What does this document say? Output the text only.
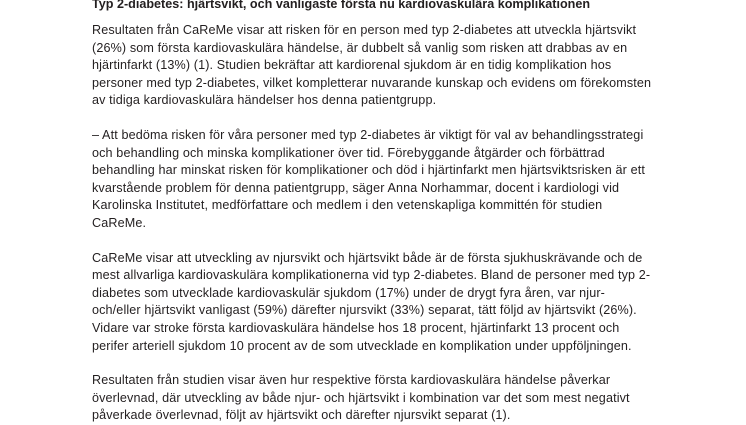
Typ 2-diabetes: hjärtsvikt, och vanligaste första nu kardiovaskulära komplikationen

Resultaten från CaReMe visar att risken för en person med typ 2-diabetes att utveckla hjärtsvikt (26%) som första kardiovaskulära händelse, är dubbelt så vanlig som risken att drabbas av en hjärtinfarkt (13%) (1). Studien bekräftar att kardiorenal sjukdom är en tidig komplikation hos personer med typ 2-diabetes, vilket kompletterar nuvarande kunskap och evidens om förekomsten av tidiga kardiovaskulära händelser hos denna patientgrupp.

– Att bedöma risken för våra personer med typ 2-diabetes är viktigt för val av behandlingsstrategi och behandling och minska komplikationer över tid. Förebyggande åtgärder och förbättrad behandling har minskat risken för komplikationer och död i hjärtinfarkt men hjärtsviktsrisken är ett kvarstående problem för denna patientgrupp, säger Anna Norhammar, docent i kardiologi vid Karolinska Institutet, medförfattare och medlem i den vetenskapliga kommittén för studien CaReMe.

CaReMe visar att utveckling av njursvikt och hjärtsvikt både är de första sjukhuskrävande och de mest allvarliga kardiovaskulära komplikationerna vid typ 2-diabetes. Bland de personer med typ 2-diabetes som utvecklade kardiovaskulär sjukdom (17%) under de drygt fyra åren, var njur- och/eller hjärtsvikt vanligast (59%) därefter njursvikt (33%) separat, tätt följd av hjärtsvikt (26%). Vidare var stroke första kardiovaskulära händelse hos 18 procent, hjärtinfarkt 13 procent och perifer arteriell sjukdom 10 procent av de som utvecklade en komplikation under uppföljningen.

Resultaten från studien visar även hur respektive första kardiovaskulära händelse påverkar överlevnad, där utveckling av både njur- och hjärtsvikt i kombination var det som mest negativt påverkade överlevnad, följt av hjärtsvikt och därefter njursvikt separat (1).
